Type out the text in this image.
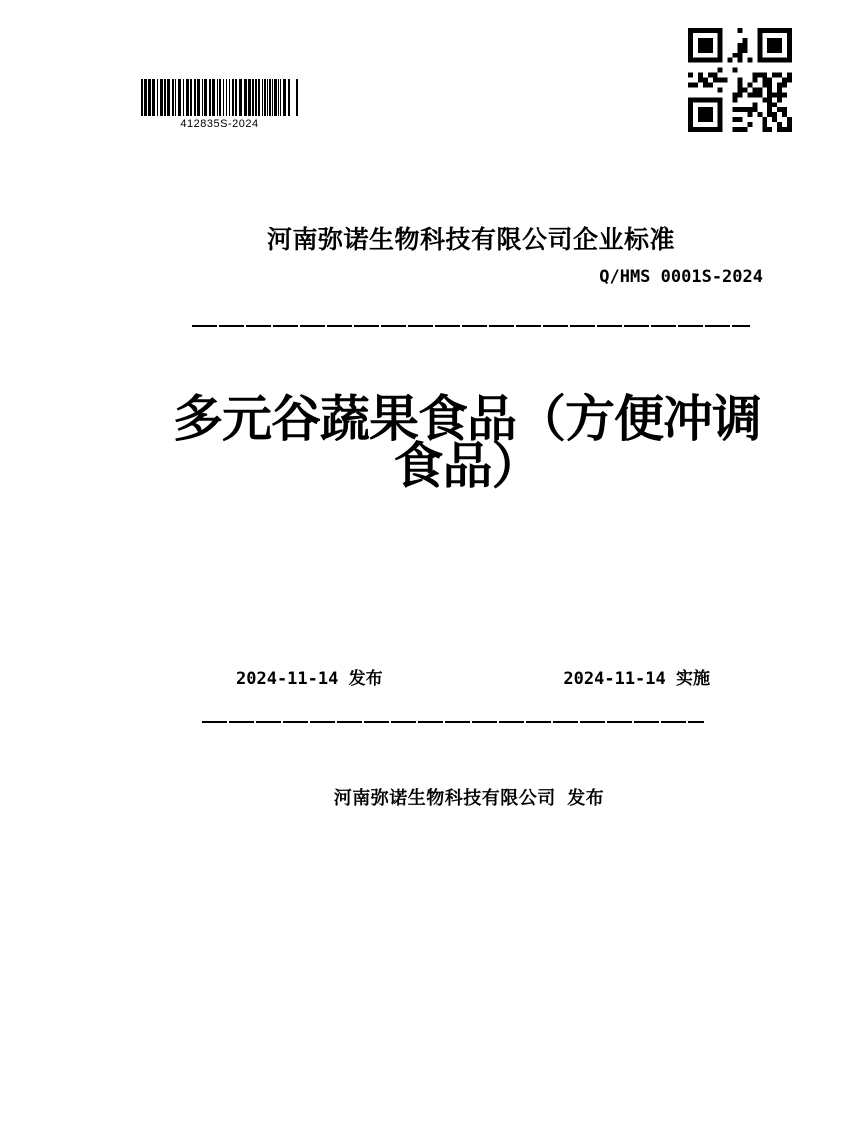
412835S-2024
河南弥诺生物科技有限公司企业标准
Q/HMS 0001S-2024
多元谷蔬果食品（方便冲调
食品）
2024-11-14 发布	2024-11-14 实施
河南弥诺生物科技有限公司 发布
